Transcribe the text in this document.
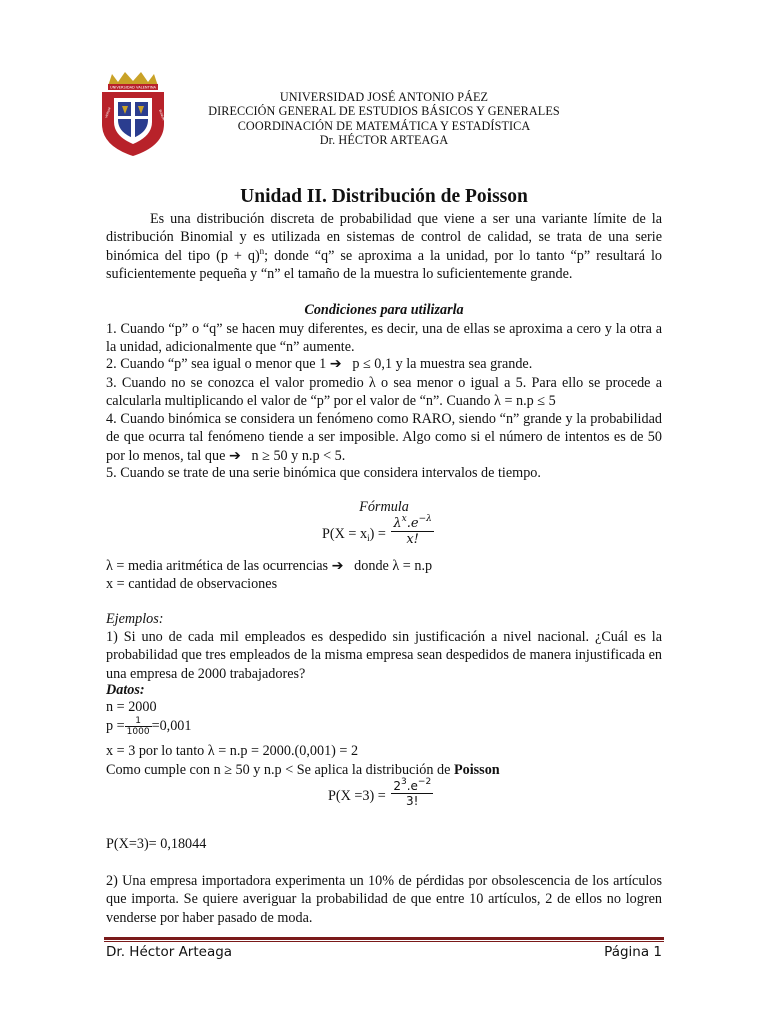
UNIVERSIDAD VALENTINA
VERUM	BONUM
UNIVERSIDAD JOSÉ ANTONIO PÁEZ
DIRECCIÓN GENERAL DE ESTUDIOS BÁSICOS Y GENERALES
COORDINACIÓN DE MATEMÁTICA Y ESTADÍSTICA
Dr. HÉCTOR ARTEAGA
Unidad II. Distribución de Poisson
Es una distribución discreta de probabilidad que viene a ser una variante límite de la distribución Binomial y es utilizada en sistemas de control de calidad, se trata de una serie binómica del tipo $(p + q)^n$; donde “q” se aproxima a la unidad, por lo tanto “p” resultará lo suficientemente pequeña y “n” el tamaño de la muestra lo suficientemente grande.
Condiciones para utilizarla
1. Cuando “p” o “q” se hacen muy diferentes, es decir, una de ellas se aproxima a cero y la otra a la unidad, adicionalmente que “n” aumente.
2. Cuando “p” sea igual o menor que 1 ➔ p ≤ 0,1 y la muestra sea grande.
3. Cuando no se conozca el valor promedio λ o sea menor o igual a 5. Para ello se procede a calcularla multiplicando el valor de “p” por el valor de “n”. Cuando λ = n.p ≤ 5
4. Cuando binómica se considera un fenómeno como RARO, siendo “n” grande y la probabilidad de que ocurra tal fenómeno tiende a ser imposible. Algo como si el número de intentos es de 50 por lo menos, tal que ➔ n ≥ 50 y n.p < 5.
5. Cuando se trate de una serie binómica que considera intervalos de tiempo.
Fórmula
$P(X = x_i) = \frac{\lambda^x.e^{-\lambda}}{x!}$
λ = media aritmética de las ocurrencias ➔ donde λ = n.p
x = cantidad de observaciones
Ejemplos:
1) Si uno de cada mil empleados es despedido sin justificación a nivel nacional. ¿Cuál es la probabilidad que tres empleados de la misma empresa sean despedidos de manera injustificada en una empresa de 2000 trabajadores?
Datos:
n = 2000
$p = \frac{1}{1000} =0,001$
x = 3 por lo tanto λ = n.p = 2000.(0,001) = 2
Como cumple con n ≥ 50 y n.p < Se aplica la distribución de Poisson
$P(X =3) = \frac{2^3.e^{-2}}{3!}$
P(X=3)= 0,18044
2) Una empresa importadora experimenta un 10% de pérdidas por obsolescencia de los artículos que importa. Se quiere averiguar la probabilidad de que entre 10 artículos, 2 de ellos no logren venderse por haber pasado de moda.
Dr. Héctor Arteaga	Página 1
